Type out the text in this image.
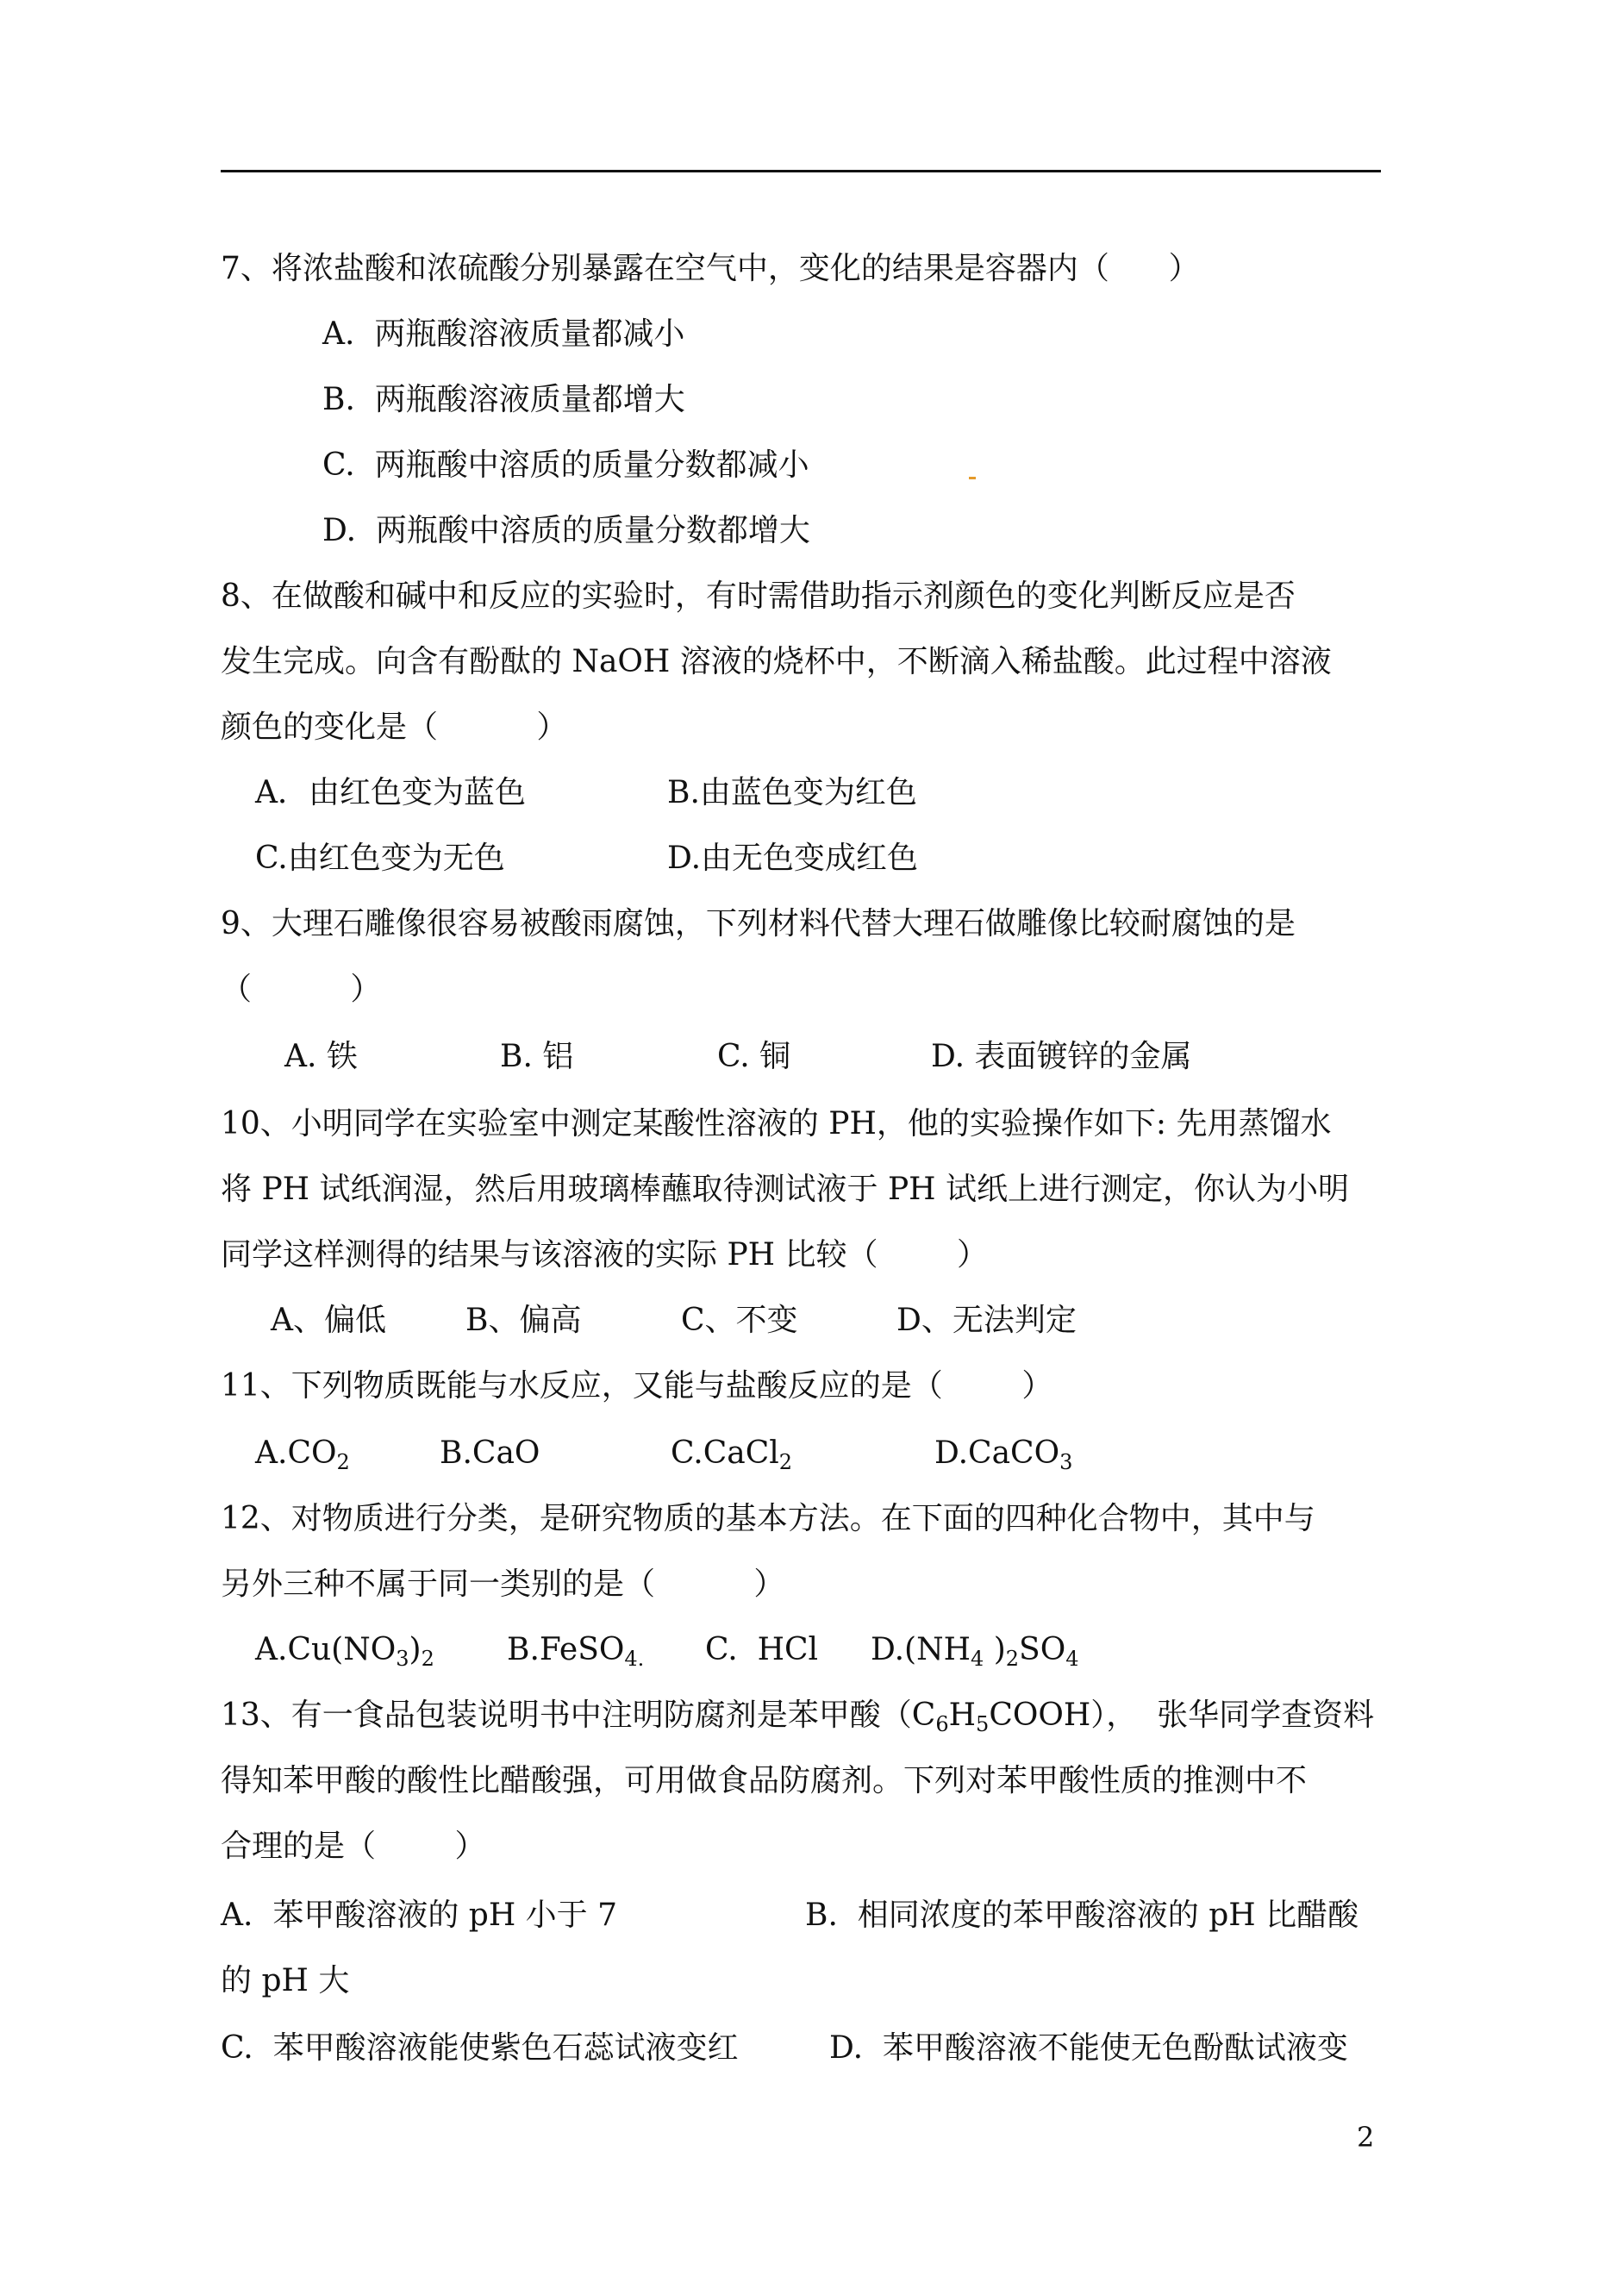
7、将浓盐酸和浓硫酸分别暴露在空气中，变化的结果是容器内（      ）
A.  两瓶酸溶液质量都减小
B.  两瓶酸溶液质量都增大
C.  两瓶酸中溶质的质量分数都减小
D.  两瓶酸中溶质的质量分数都增大
8、在做酸和碱中和反应的实验时，有时需借助指示剂颜色的变化判断反应是否
发生完成。向含有酚酞的 NaOH 溶液的烧杯中，不断滴入稀盐酸。此过程中溶液
颜色的变化是（          ）
A．由红色变为蓝色	B.由蓝色变为红色
C.由红色变为无色	D.由无色变成红色
9、大理石雕像很容易被酸雨腐蚀，下列材料代替大理石做雕像比较耐腐蚀的是
（          ）
A. 铁	B. 铝	C. 铜	D. 表面镀锌的金属
10、小明同学在实验室中测定某酸性溶液的 PH，他的实验操作如下: 先用蒸馏水
将 PH 试纸润湿，然后用玻璃棒蘸取待测试液于 PH 试纸上进行测定，你认为小明
同学这样测得的结果与该溶液的实际 PH 比较（        ）
A、偏低	B、偏高	C、不变	D、无法判定
11、下列物质既能与水反应，又能与盐酸反应的是（        ）
$A.CO_2$	B.CaO	C.CaCl$_2$	D.CaCO$_3$
12、对物质进行分类，是研究物质的基本方法。在下面的四种化合物中，其中与
另外三种不属于同一类别的是（          ）
$A.Cu(NO_3)_2$ B.FeSO$_{4.}$ C.  HCl $D.(NH_4$ )$_2SO_4$
13、有一食品包装说明书中注明防腐剂是苯甲酸$(C_6H_5COOH)$，  张华同学查资料
得知苯甲酸的酸性比醋酸强，可用做食品防腐剂。下列对苯甲酸性质的推测中不
合理的是（        ）
A.  苯甲酸溶液的 pH 小于 7	B.  相同浓度的苯甲酸溶液的 pH 比醋酸
的 pH 大
C.  苯甲酸溶液能使紫色石蕊试液变红	D.  苯甲酸溶液不能使无色酚酞试液变
2
